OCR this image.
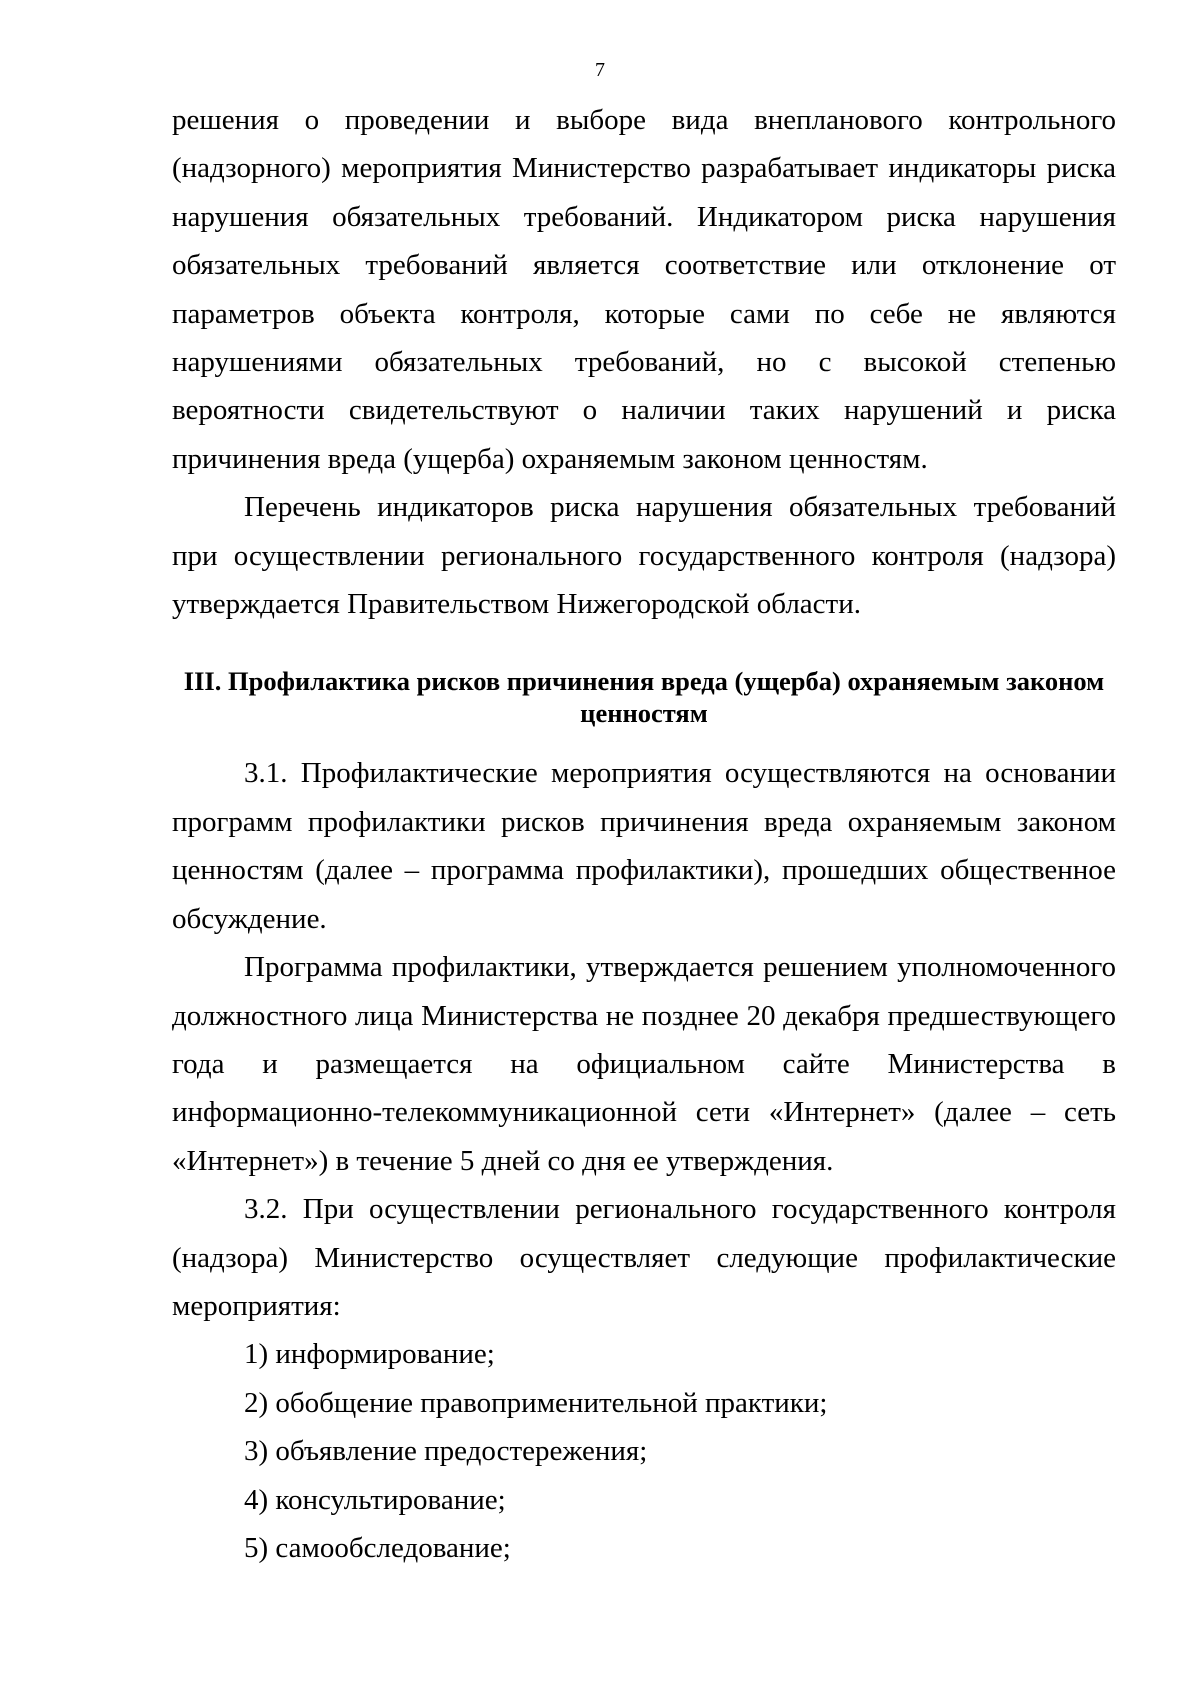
7

решения о проведении и выборе вида внепланового контрольного (надзорного) мероприятия Министерство разрабатывает индикаторы риска нарушения обязательных требований. Индикатором риска нарушения обязательных требований является соответствие или отклонение от параметров объекта контроля, которые сами по себе не являются нарушениями обязательных требований, но с высокой степенью вероятности свидетельствуют о наличии таких нарушений и риска причинения вреда (ущерба) охраняемым законом ценностям.

Перечень индикаторов риска нарушения обязательных требований при осуществлении регионального государственного контроля (надзора) утверждается Правительством Нижегородской области.

III. Профилактика рисков причинения вреда (ущерба) охраняемым законом ценностям

3.1. Профилактические мероприятия осуществляются на основании программ профилактики рисков причинения вреда охраняемым законом ценностям (далее – программа профилактики), прошедших общественное обсуждение.

Программа профилактики, утверждается решением уполномоченного должностного лица Министерства не позднее 20 декабря предшествующего года и размещается на официальном сайте Министерства в информационно-телекоммуникационной сети «Интернет» (далее – сеть «Интернет») в течение 5 дней со дня ее утверждения.

3.2. При осуществлении регионального государственного контроля (надзора) Министерство осуществляет следующие профилактические мероприятия:

1) информирование;

2) обобщение правоприменительной практики;

3) объявление предостережения;

4) консультирование;

5) самообследование;
